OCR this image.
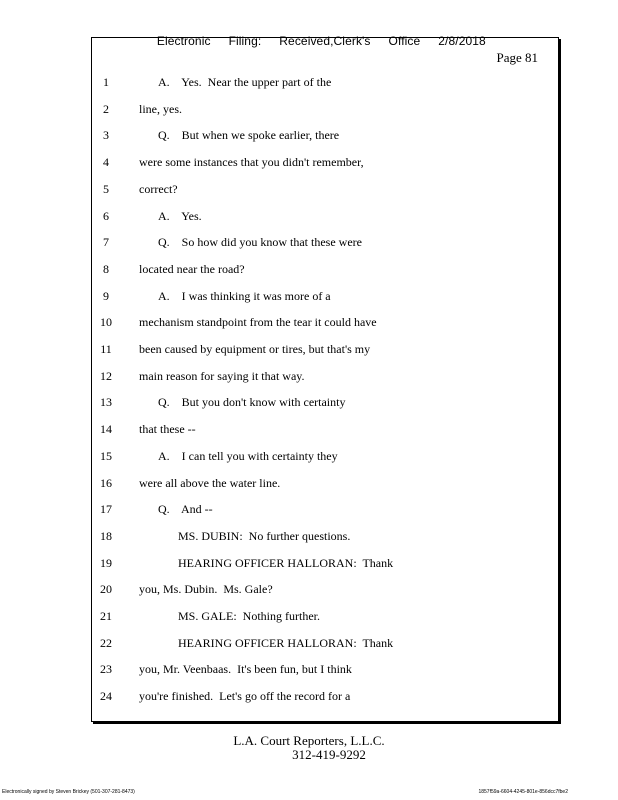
Electronic Filing: Received,Clerk's Office 2/8/2018

Page 81
1	A.    Yes.  Near the upper part of the
2	line, yes.
3	Q.    But when we spoke earlier, there
4	were some instances that you didn't remember,
5	correct?
6	A.    Yes.
7	Q.    So how did you know that these were
8	located near the road?
9	A.    I was thinking it was more of a
10	mechanism standpoint from the tear it could have
11	been caused by equipment or tires, but that's my
12	main reason for saying it that way.
13	Q.    But you don't know with certainty
14	that these --
15	A.    I can tell you with certainty they
16	were all above the water line.
17	Q.    And --
18	MS. DUBIN:  No further questions.
19	HEARING OFFICER HALLORAN:  Thank
20	you, Ms. Dubin.  Ms. Gale?
21	MS. GALE:  Nothing further.
22	HEARING OFFICER HALLORAN:  Thank
23	you, Mr. Veenbaas.  It's been fun, but I think
24	you're finished.  Let's go off the record for a
L.A. Court Reporters, L.L.C.
312-419-9292
Electronically signed by Steven Brickey (501-307-281-8473)	1857f59a-6604-4245-801e-856dcc7fbe2
